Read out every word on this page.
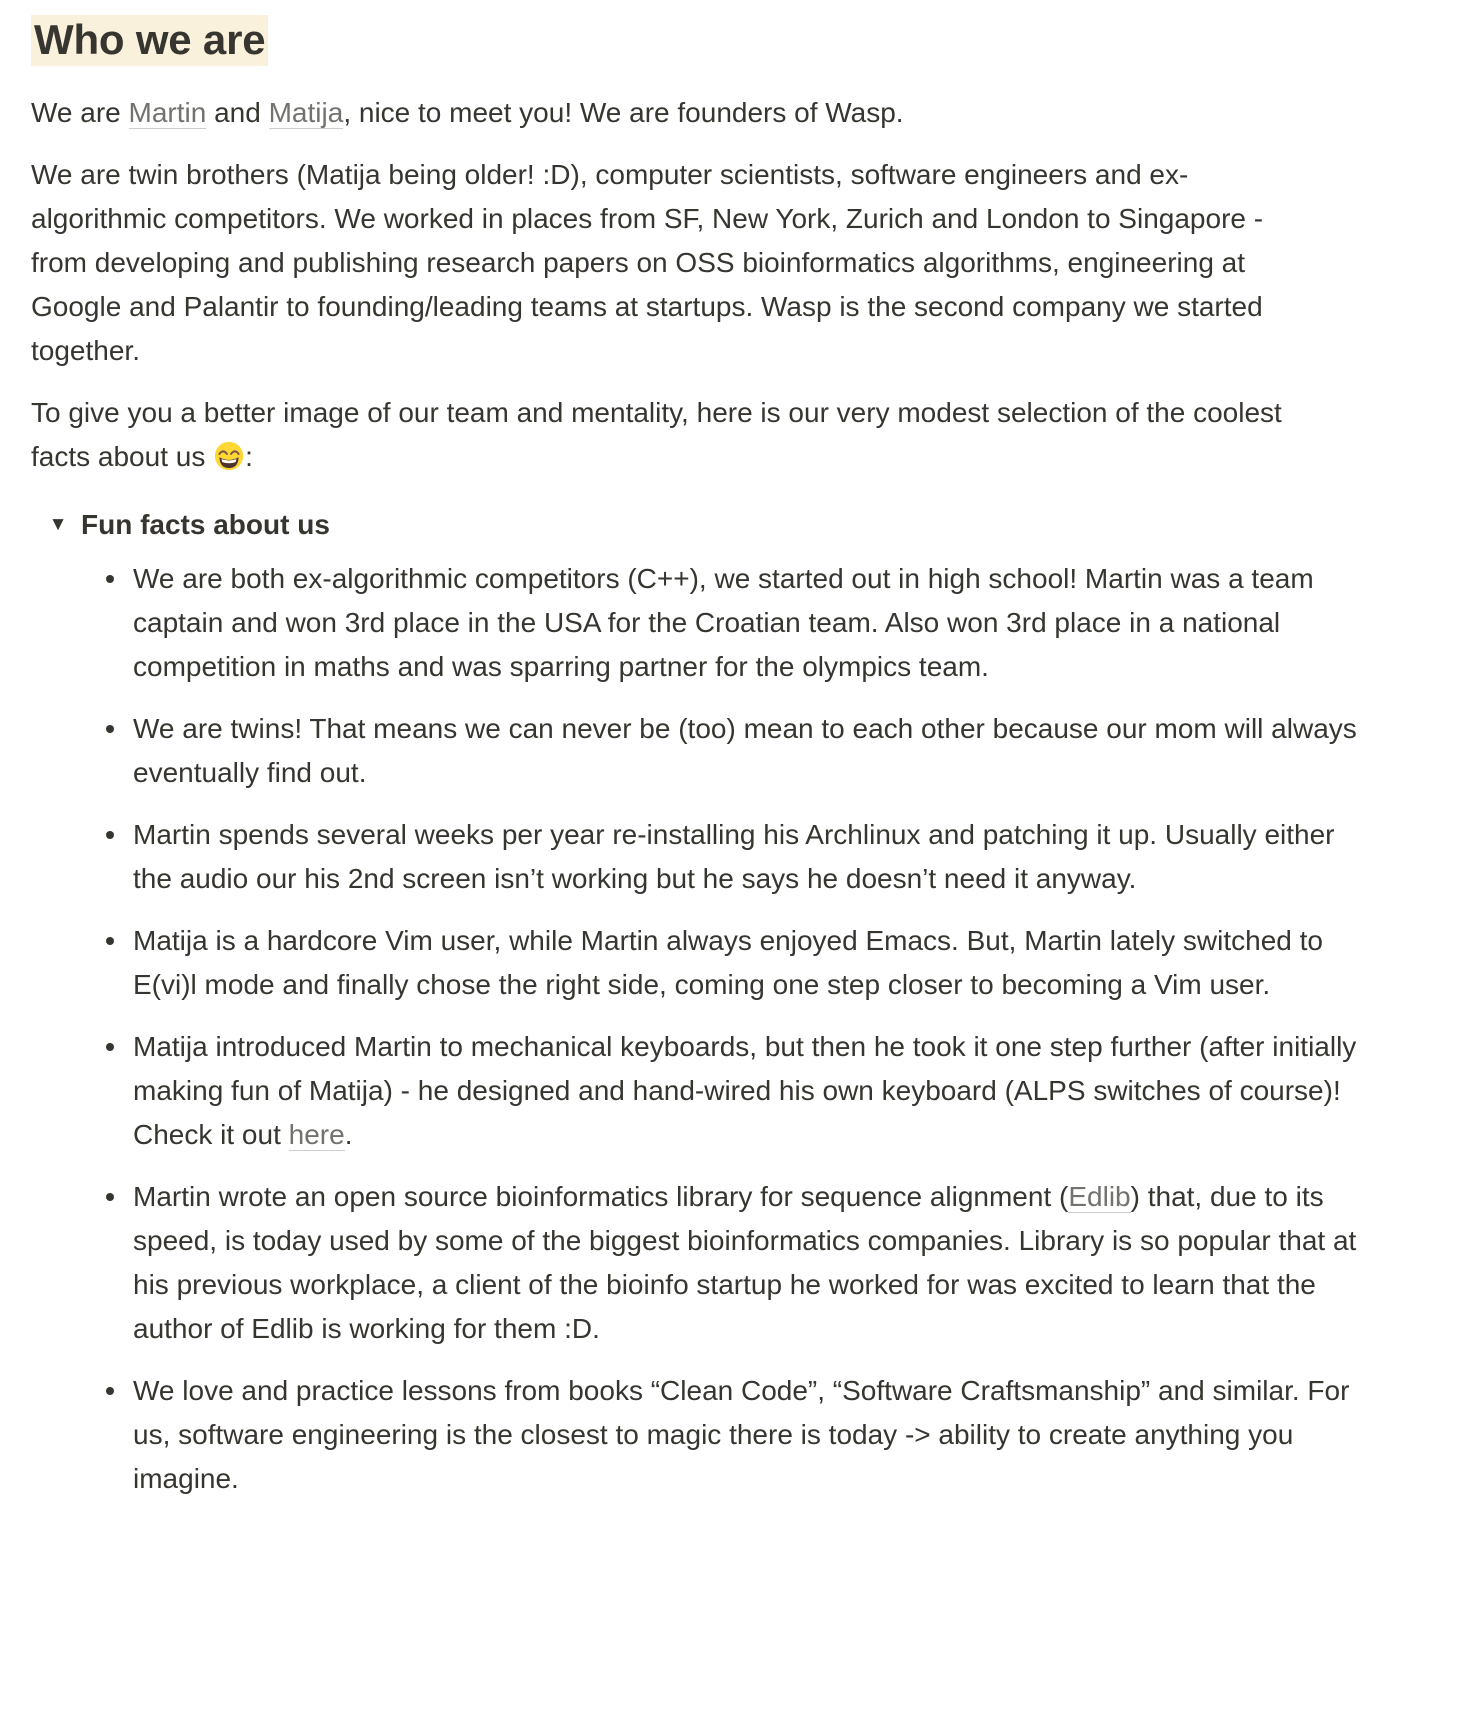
Who we are

We are Martin and Matija, nice to meet you! We are founders of Wasp.

We are twin brothers (Matija being older! :D), computer scientists, software engineers and ex-algorithmic competitors. We worked in places from SF, New York, Zurich and London to Singapore - from developing and publishing research papers on OSS bioinformatics algorithms, engineering at Google and Palantir to founding/leading teams at startups. Wasp is the second company we started together.

To give you a better image of our team and mentality, here is our very modest selection of the coolest facts about us
:

▼ Fun facts about us
We are both ex-algorithmic competitors (C++), we started out in high school! Martin was a team captain and won 3rd place in the USA for the Croatian team. Also won 3rd place in a national competition in maths and was sparring partner for the olympics team.
We are twins! That means we can never be (too) mean to each other because our mom will always eventually find out.
Martin spends several weeks per year re-installing his Archlinux and patching it up. Usually either the audio our his 2nd screen isn’t working but he says he doesn’t need it anyway.
Matija is a hardcore Vim user, while Martin always enjoyed Emacs. But, Martin lately switched to E(vi)l mode and finally chose the right side, coming one step closer to becoming a Vim user.
Matija introduced Martin to mechanical keyboards, but then he took it one step further (after initially making fun of Matija) - he designed and hand-wired his own keyboard (ALPS switches of course)! Check it out here.
Martin wrote an open source bioinformatics library for sequence alignment (Edlib) that, due to its speed, is today used by some of the biggest bioinformatics companies. Library is so popular that at his previous workplace, a client of the bioinfo startup he worked for was excited to learn that the author of Edlib is working for them :D.
We love and practice lessons from books “Clean Code”, “Software Craftsmanship” and similar. For us, software engineering is the closest to magic there is today -> ability to create anything you imagine.
